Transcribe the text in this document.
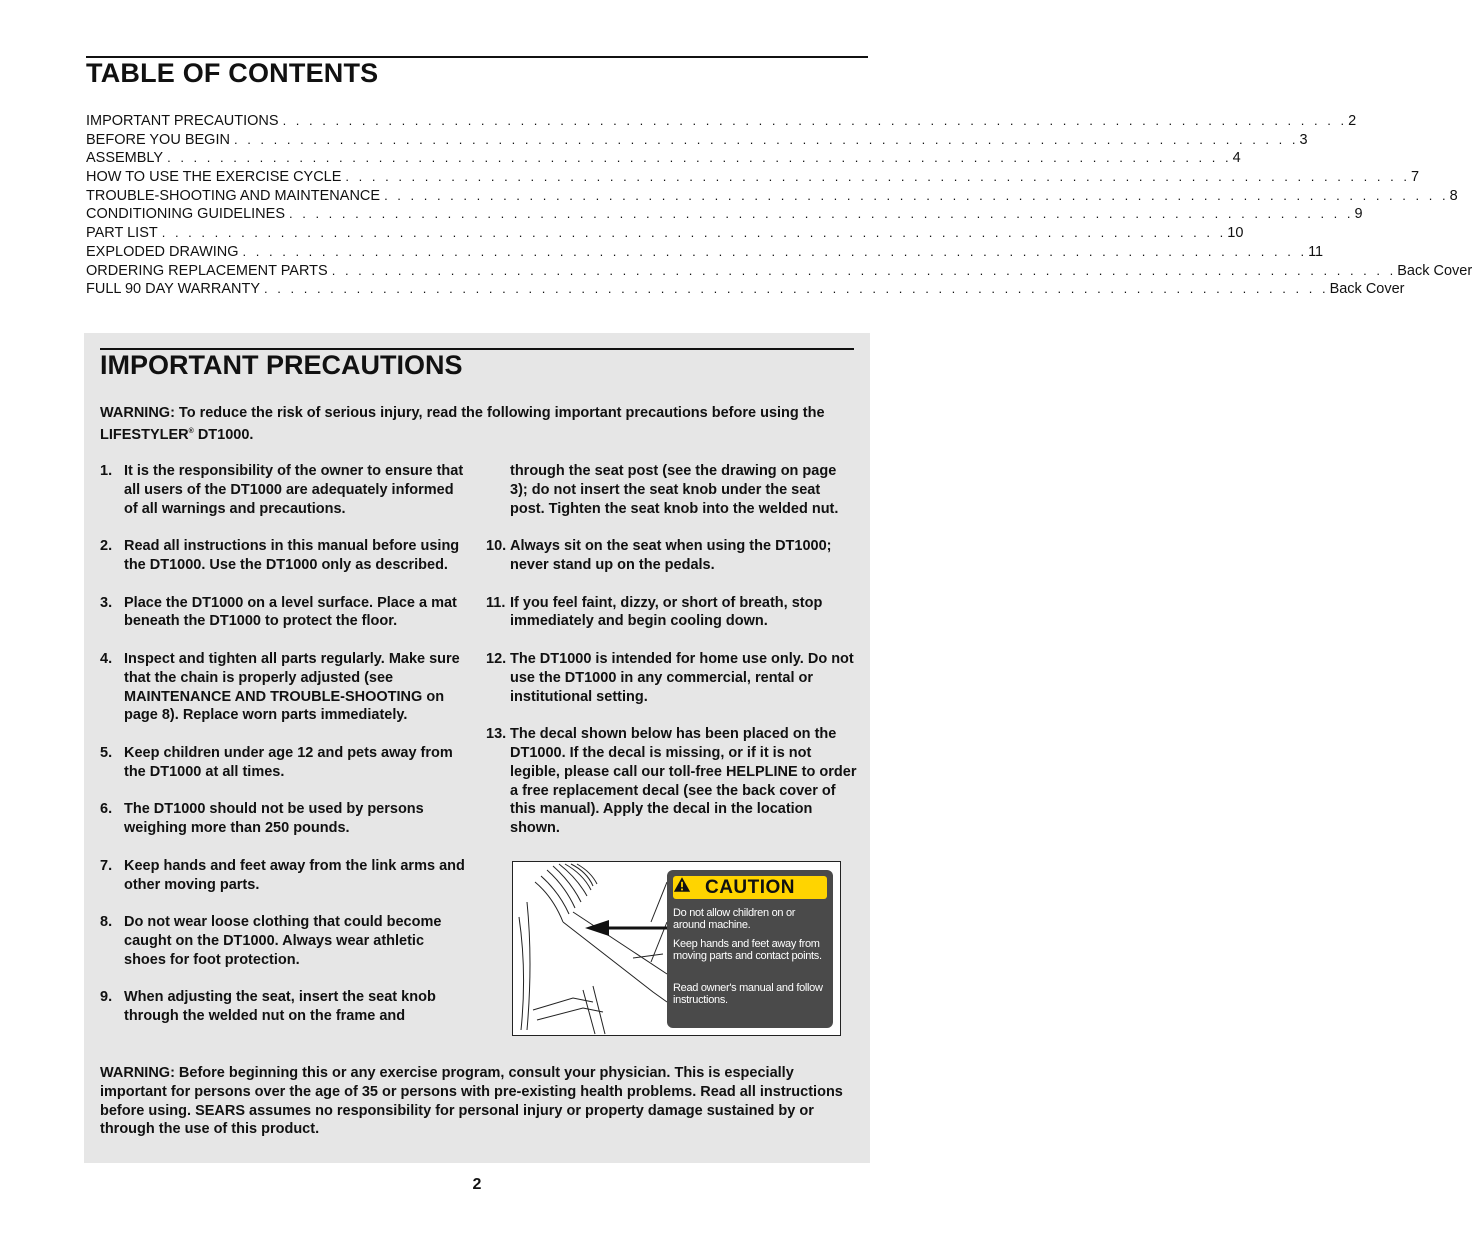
TABLE OF CONTENTS
IMPORTANT PRECAUTIONS . . . . . . . . . . . . . . . . . . . . . . . . . . . . . . . . . . . . . . . . . . . . . . . . . . . . . . . . . . . . . . . . . . . . . . . . . . . . . . . . . 2
BEFORE YOU BEGIN . . . . . . . . . . . . . . . . . . . . . . . . . . . . . . . . . . . . . . . . . . . . . . . . . . . . . . . . . . . . . . . . . . . . . . . . . . . . . . . . . 3
ASSEMBLY . . . . . . . . . . . . . . . . . . . . . . . . . . . . . . . . . . . . . . . . . . . . . . . . . . . . . . . . . . . . . . . . . . . . . . . . . . . . . . . . . 4
HOW TO USE THE EXERCISE CYCLE . . . . . . . . . . . . . . . . . . . . . . . . . . . . . . . . . . . . . . . . . . . . . . . . . . . . . . . . . . . . . . . . . . . . . . . . . . . . . . . . . 7
TROUBLE-SHOOTING AND MAINTENANCE . . . . . . . . . . . . . . . . . . . . . . . . . . . . . . . . . . . . . . . . . . . . . . . . . . . . . . . . . . . . . . . . . . . . . . . . . . . . . . . . . 8
CONDITIONING GUIDELINES . . . . . . . . . . . . . . . . . . . . . . . . . . . . . . . . . . . . . . . . . . . . . . . . . . . . . . . . . . . . . . . . . . . . . . . . . . . . . . . . . 9
PART LIST . . . . . . . . . . . . . . . . . . . . . . . . . . . . . . . . . . . . . . . . . . . . . . . . . . . . . . . . . . . . . . . . . . . . . . . . . . . . . . . . . 10
EXPLODED DRAWING . . . . . . . . . . . . . . . . . . . . . . . . . . . . . . . . . . . . . . . . . . . . . . . . . . . . . . . . . . . . . . . . . . . . . . . . . . . . . . . . . 11
ORDERING REPLACEMENT PARTS . . . . . . . . . . . . . . . . . . . . . . . . . . . . . . . . . . . . . . . . . . . . . . . . . . . . . . . . . . . . . . . . . . . . . . . . . . . . . . . . . Back Cover
FULL 90 DAY WARRANTY . . . . . . . . . . . . . . . . . . . . . . . . . . . . . . . . . . . . . . . . . . . . . . . . . . . . . . . . . . . . . . . . . . . . . . . . . . . . . . . . . Back Cover
IMPORTANT PRECAUTIONS
WARNING: To reduce the risk of serious injury, read the following important precautions before using the LIFESTYLER® DT1000.
1. It is the responsibility of the owner to ensure that all users of the DT1000 are adequately informed of all warnings and precautions.
2. Read all instructions in this manual before using the DT1000. Use the DT1000 only as described.
3. Place the DT1000 on a level surface. Place a mat beneath the DT1000 to protect the floor.
4. Inspect and tighten all parts regularly. Make sure that the chain is properly adjusted (see MAINTENANCE AND TROUBLE-SHOOTING on page 8). Replace worn parts immediately.
5. Keep children under age 12 and pets away from the DT1000 at all times.
6. The DT1000 should not be used by persons weighing more than 250 pounds.
7. Keep hands and feet away from the link arms and other moving parts.
8. Do not wear loose clothing that could become caught on the DT1000. Always wear athletic shoes for foot protection.
9. When adjusting the seat, insert the seat knob through the welded nut on the frame and
through the seat post (see the drawing on page 3); do not insert the seat knob under the seat post. Tighten the seat knob into the welded nut.
10. Always sit on the seat when using the DT1000; never stand up on the pedals.
11. If you feel faint, dizzy, or short of breath, stop immediately and begin cooling down.
12. The DT1000 is intended for home use only. Do not use the DT1000 in any commercial, rental or institutional setting.
13. The decal shown below has been placed on the DT1000. If the decal is missing, or if it is not legible, please call our toll-free HELPLINE to order a free replacement decal (see the back cover of this manual). Apply the decal in the location shown.
CAUTION
Do not allow children on or around machine.
Keep hands and feet away from moving parts and contact points.
Read owner's manual and follow instructions.
WARNING: Before beginning this or any exercise program, consult your physician. This is especially important for persons over the age of 35 or persons with pre-existing health problems. Read all instructions before using. SEARS assumes no responsibility for personal injury or property damage sustained by or through the use of this product.
2
